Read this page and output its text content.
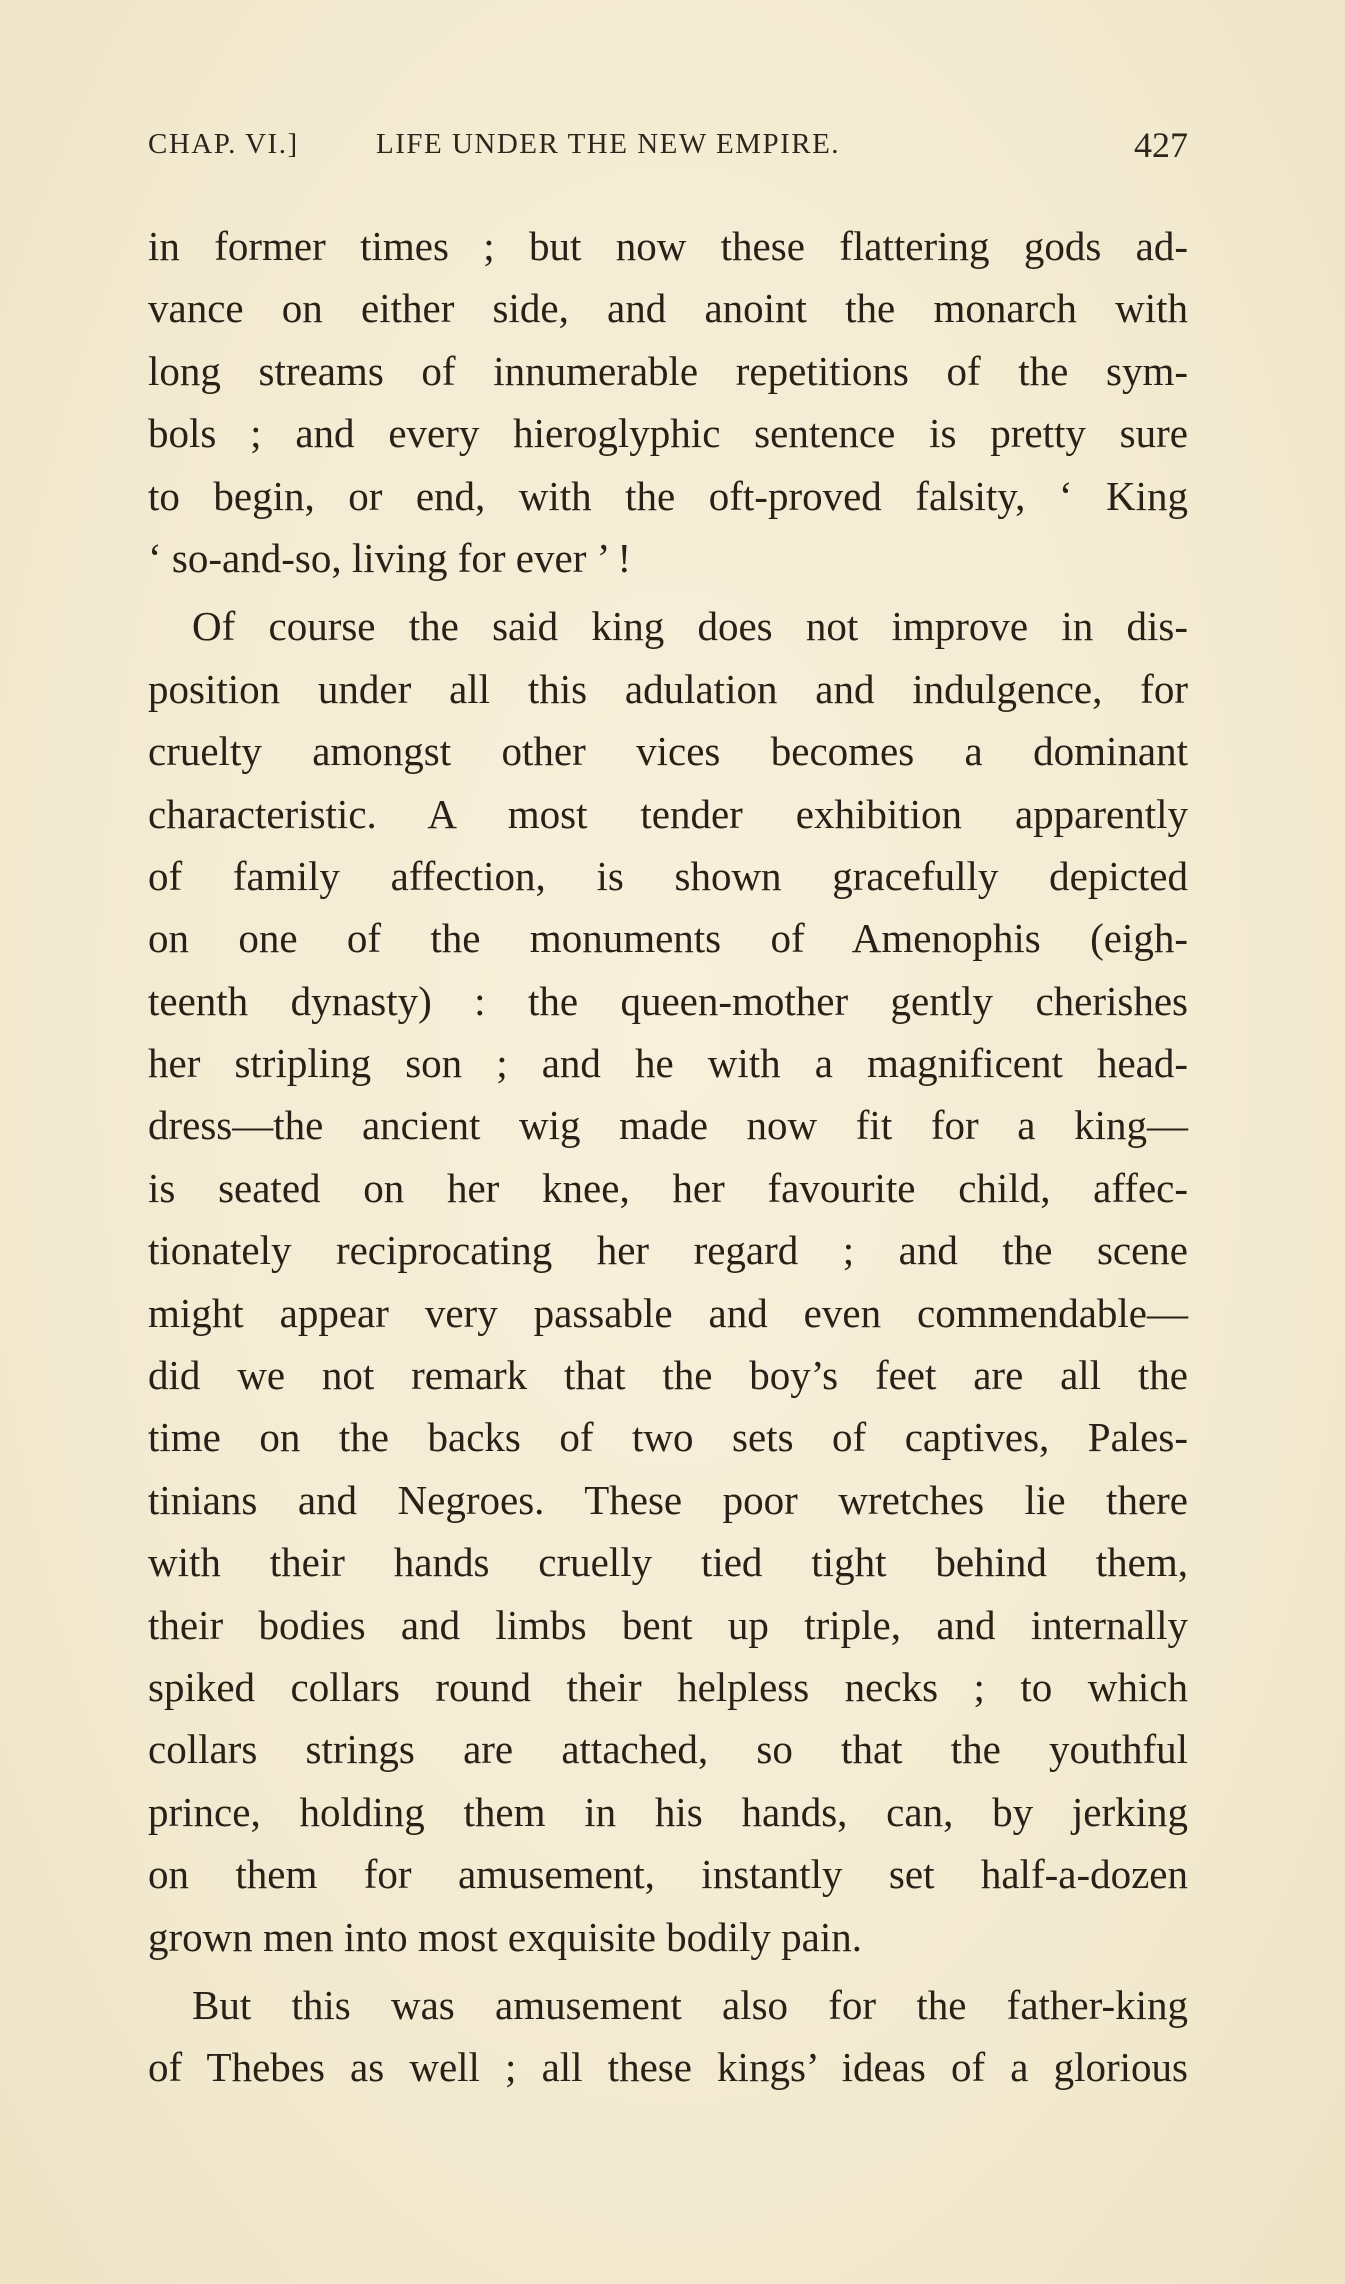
CHAP. VI.]	LIFE UNDER THE NEW EMPIRE.	427
in former times ; but now these flattering gods ad-
vance on either side, and anoint the monarch with
long streams of innumerable repetitions of the sym-
bols ; and every hieroglyphic sentence is pretty sure
to begin, or end, with the oft-proved falsity, ‘ King
‘ so-and-so, living for ever ’ !
Of course the said king does not improve in dis-
position under all this adulation and indulgence, for
cruelty amongst other vices becomes a dominant
characteristic. A most tender exhibition apparently
of family affection, is shown gracefully depicted
on one of the monuments of Amenophis (eigh-
teenth dynasty) : the queen-mother gently cherishes
her stripling son ; and he with a magnificent head-
dress—the ancient wig made now fit for a king—
is seated on her knee, her favourite child, affec-
tionately reciprocating her regard ; and the scene
might appear very passable and even commendable—
did we not remark that the boy’s feet are all the
time on the backs of two sets of captives, Pales-
tinians and Negroes. These poor wretches lie there
with their hands cruelly tied tight behind them,
their bodies and limbs bent up triple, and internally
spiked collars round their helpless necks ; to which
collars strings are attached, so that the youthful
prince, holding them in his hands, can, by jerking
on them for amusement, instantly set half-a-dozen
grown men into most exquisite bodily pain.
But this was amusement also for the father-king
of Thebes as well ; all these kings’ ideas of a glorious
